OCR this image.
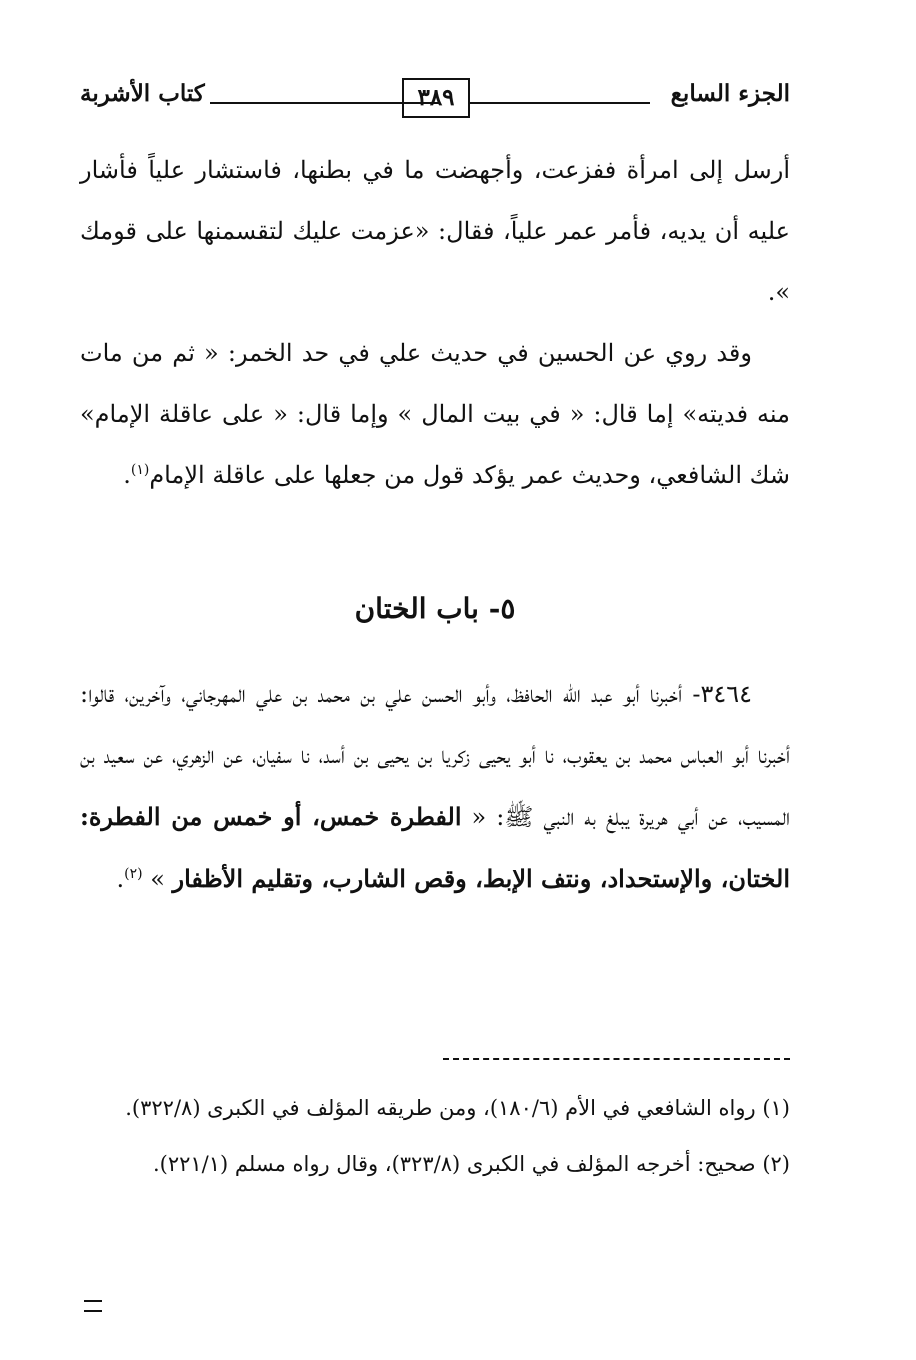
الجزء السابع
٣٨٩
كتاب الأشربة

أرسل إلى امرأة ففزعت، وأجهضت ما في بطنها، فاستشار علياً فأشار عليه أن يديه، فأمر عمر علياً، فقال: «عزمت عليك لتقسمنها على قومك ».

وقد روي عن الحسين في حديث علي في حد الخمر: « ثم من مات منه فديته» إما قال: « في بيت المال » وإما قال: « على عاقلة الإمام» شك الشافعي، وحديث عمر يؤكد قول من جعلها على عاقلة الإمام$^{(١)}$.

٥- باب الختان

٣٤٦٤- أخبرنا أبو عبد الله الحافظ، وأبو الحسن علي بن محمد بن علي المهرجاني، وآخرين، قالوا: أخبرنا أبو العباس محمد بن يعقوب، نا أبو يحيى زكريا بن يحيى بن أسد، نا سفيان، عن الزهري، عن سعيد بن المسيب، عن أبي هريرة يبلغ به النبي ﷺ: « الفطرة خمس، أو خمس من الفطرة: الختان، والإستحداد، ونتف الإبط، وقص الشارب، وتقليم الأظفار » $^{(٢)}$.

(١) رواه الشافعي في الأم (١٨٠/٦)، ومن طريقه المؤلف في الكبرى (٣٢٢/٨).

(٢) صحيح: أخرجه المؤلف في الكبرى (٣٢٣/٨)، وقال رواه مسلم (٢٢١/١).
